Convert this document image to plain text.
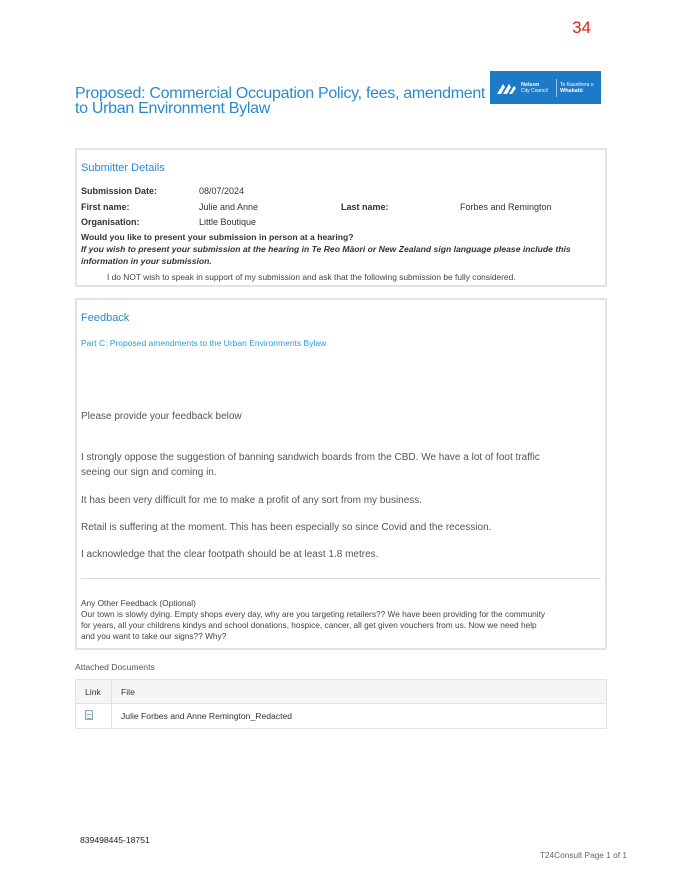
34
Proposed: Commercial Occupation Policy, fees, amendment to Urban Environment Bylaw
Nelson
City Council
Te Kaunihera o
Whakatū
Submitter Details
Submission Date:	08/07/2024
First name:	Julie and Anne	Last name:	Forbes and Remington
Organisation:	Little Boutique
Would you like to present your submission in person at a hearing?
If you wish to present your submission at the hearing in Te Reo Māori or New Zealand sign language please include this information in your submission.
I do NOT wish to speak in support of my submission and ask that the following submission be fully considered.
Feedback
Part C: Proposed amendments to the Urban Environments Bylaw
Please provide your feedback below
I strongly oppose the suggestion of banning sandwich boards from the CBD. We have a lot of foot traffic seeing our sign and coming in.
It has been very difficult for me to make a profit of any sort from my business.
Retail is suffering at the moment. This has been especially so since Covid and the recession.
I acknowledge that the clear footpath should be at least 1.8 metres.
Any Other Feedback (Optional)
Our town is slowly dying. Empty shops every day, why are you targeting retailers?? We have been providing for the community for years, all your childrens kindys and school donations, hospice, cancer, all get given vouchers from us. Now we need help and you want to take our signs?? Why?
Attached Documents
Link	File
	Julie Forbes and Anne Remington_Redacted
839498445-18751
T24Consult Page 1 of 1
